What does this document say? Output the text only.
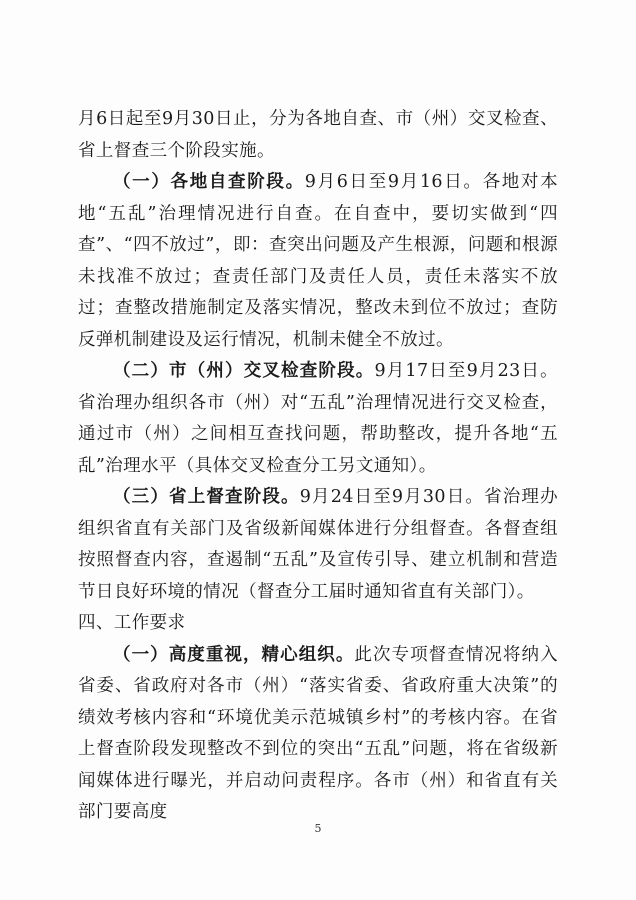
月6日起至9月30日止，分为各地自查、市（州）交叉检查、省上督查三个阶段实施。

（一）各地自查阶段。9月6日至9月16日。各地对本地“五乱”治理情况进行自查。在自查中，要切实做到“四查”、“四不放过”，即：查突出问题及产生根源，问题和根源未找准不放过；查责任部门及责任人员，责任未落实不放过；查整改措施制定及落实情况，整改未到位不放过；查防反弹机制建设及运行情况，机制未健全不放过。

（二）市（州）交叉检查阶段。9月17日至9月23日。省治理办组织各市（州）对“五乱”治理情况进行交叉检查，通过市（州）之间相互查找问题，帮助整改，提升各地“五乱”治理水平（具体交叉检查分工另文通知）。

（三）省上督查阶段。9月24日至9月30日。省治理办组织省直有关部门及省级新闻媒体进行分组督查。各督查组按照督查内容，查遏制“五乱”及宣传引导、建立机制和营造节日良好环境的情况（督查分工届时通知省直有关部门）。

四、工作要求

（一）高度重视，精心组织。此次专项督查情况将纳入省委、省政府对各市（州）“落实省委、省政府重大决策”的绩效考核内容和“环境优美示范城镇乡村”的考核内容。在省上督查阶段发现整改不到位的突出“五乱”问题，将在省级新闻媒体进行曝光，并启动问责程序。各市（州）和省直有关部门要高度

5
